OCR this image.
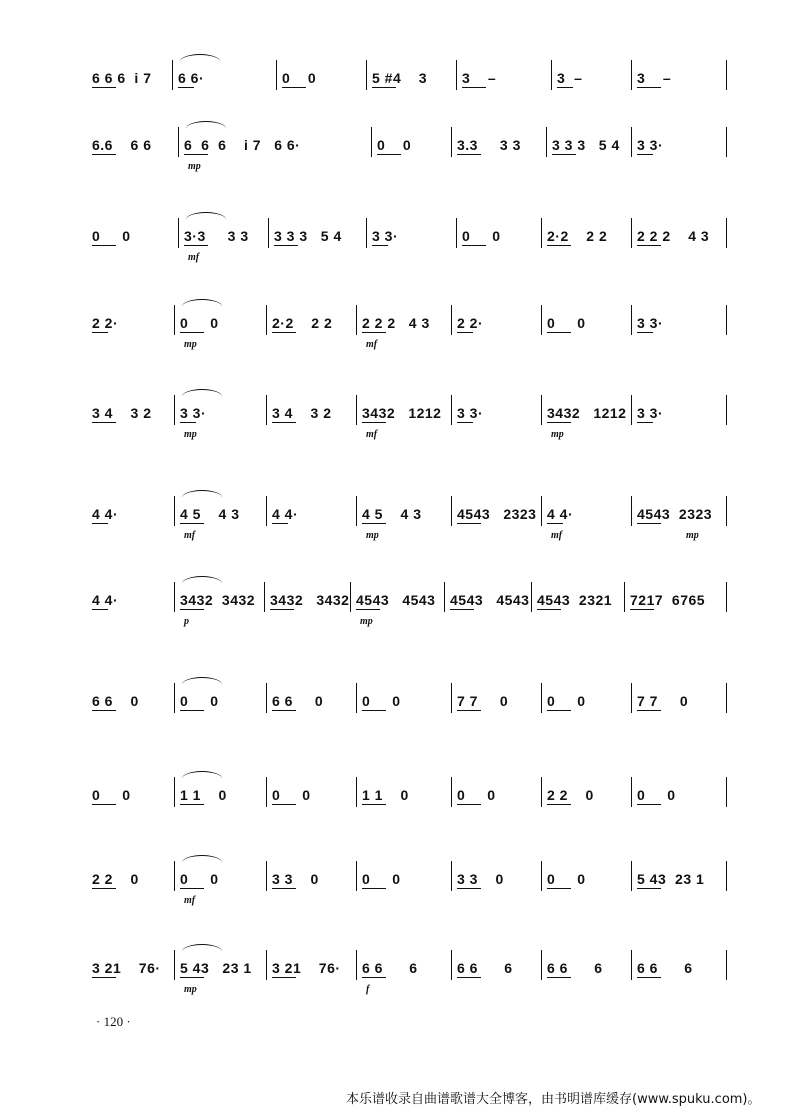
6 6 6  i 7 6 6·	0    0	5 #4    3 3    –	3  –	3    –
6.6    6 6 6  6  6    i 7   6 6·	0    0	3.3     3 3 3 3 3   5 4 3 3·
mp
0     0	3·3     3 3 3 3 3   5 4 3 3·	0     0	2·2    2 2 2 2 2    4 3
mf
2 2·	0     0	2·2    2 2 2 2 2   4 3 2 2·	0     0	3 3·
mp	mf
3 4    3 2 3 3·	3 4    3 2 3432   1212 3 3·	3432   1212 3 3·
mp	mf	mp
4 4·	4 5    4 3 4 4·	4 5    4 3	4543   2323 4 4·	4543  2323
mf	mp	mf	mp
4 4·	3432  3432 3432   3432 4543   4543 4543   4543 4543  2321 7217  6765
p	mp
6 6    0	0     0	6 6     0	0     0	7 7     0	0     0	7 7     0
0     0	1 1    0	0     0	1 1    0	0     0	2 2    0	0     0
2 2    0	0     0	3 3    0	0     0	3 3    0	0     0	5 43  23 1
mf
3 21    76· 5 43   23 1 3 21    76· 6 6      6	6 6      6 6 6      6 6 6      6
mp	f
· 120 ·
本乐谱收录自曲谱歌谱大全博客，由书明谱库缓存(www.spuku.com)。
